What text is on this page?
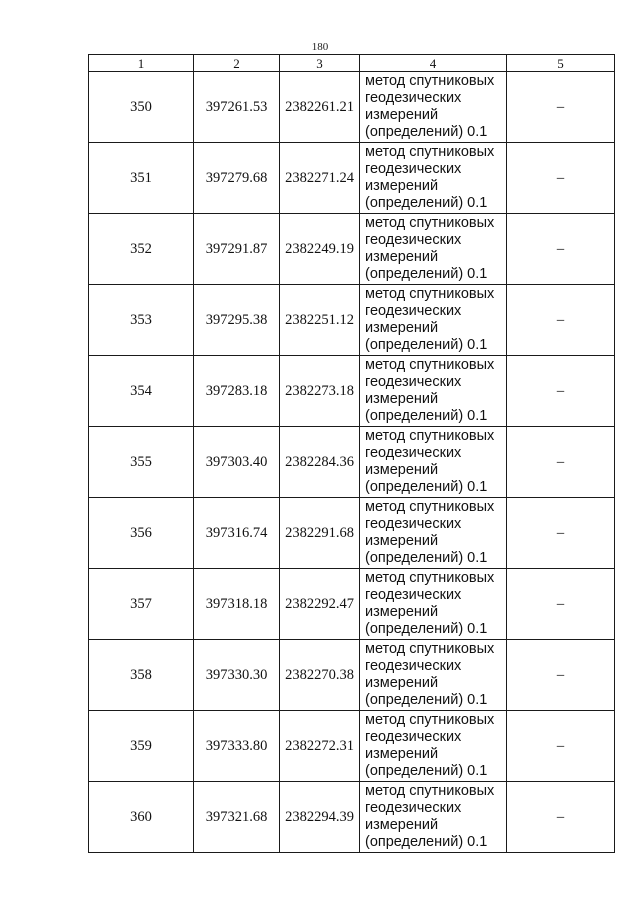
180
1	2	3	4	5
350	397261.53	2382261.21	метод спутниковых
геодезических
измерений
(определений) 0.1	–
351	397279.68	2382271.24	метод спутниковых
геодезических
измерений
(определений) 0.1	–
352	397291.87	2382249.19	метод спутниковых
геодезических
измерений
(определений) 0.1	–
353	397295.38	2382251.12	метод спутниковых
геодезических
измерений
(определений) 0.1	–
354	397283.18	2382273.18	метод спутниковых
геодезических
измерений
(определений) 0.1	–
355	397303.40	2382284.36	метод спутниковых
геодезических
измерений
(определений) 0.1	–
356	397316.74	2382291.68	метод спутниковых
геодезических
измерений
(определений) 0.1	–
357	397318.18	2382292.47	метод спутниковых
геодезических
измерений
(определений) 0.1	–
358	397330.30	2382270.38	метод спутниковых
геодезических
измерений
(определений) 0.1	–
359	397333.80	2382272.31	метод спутниковых
геодезических
измерений
(определений) 0.1	–
360	397321.68	2382294.39	метод спутниковых
геодезических
измерений
(определений) 0.1	–
